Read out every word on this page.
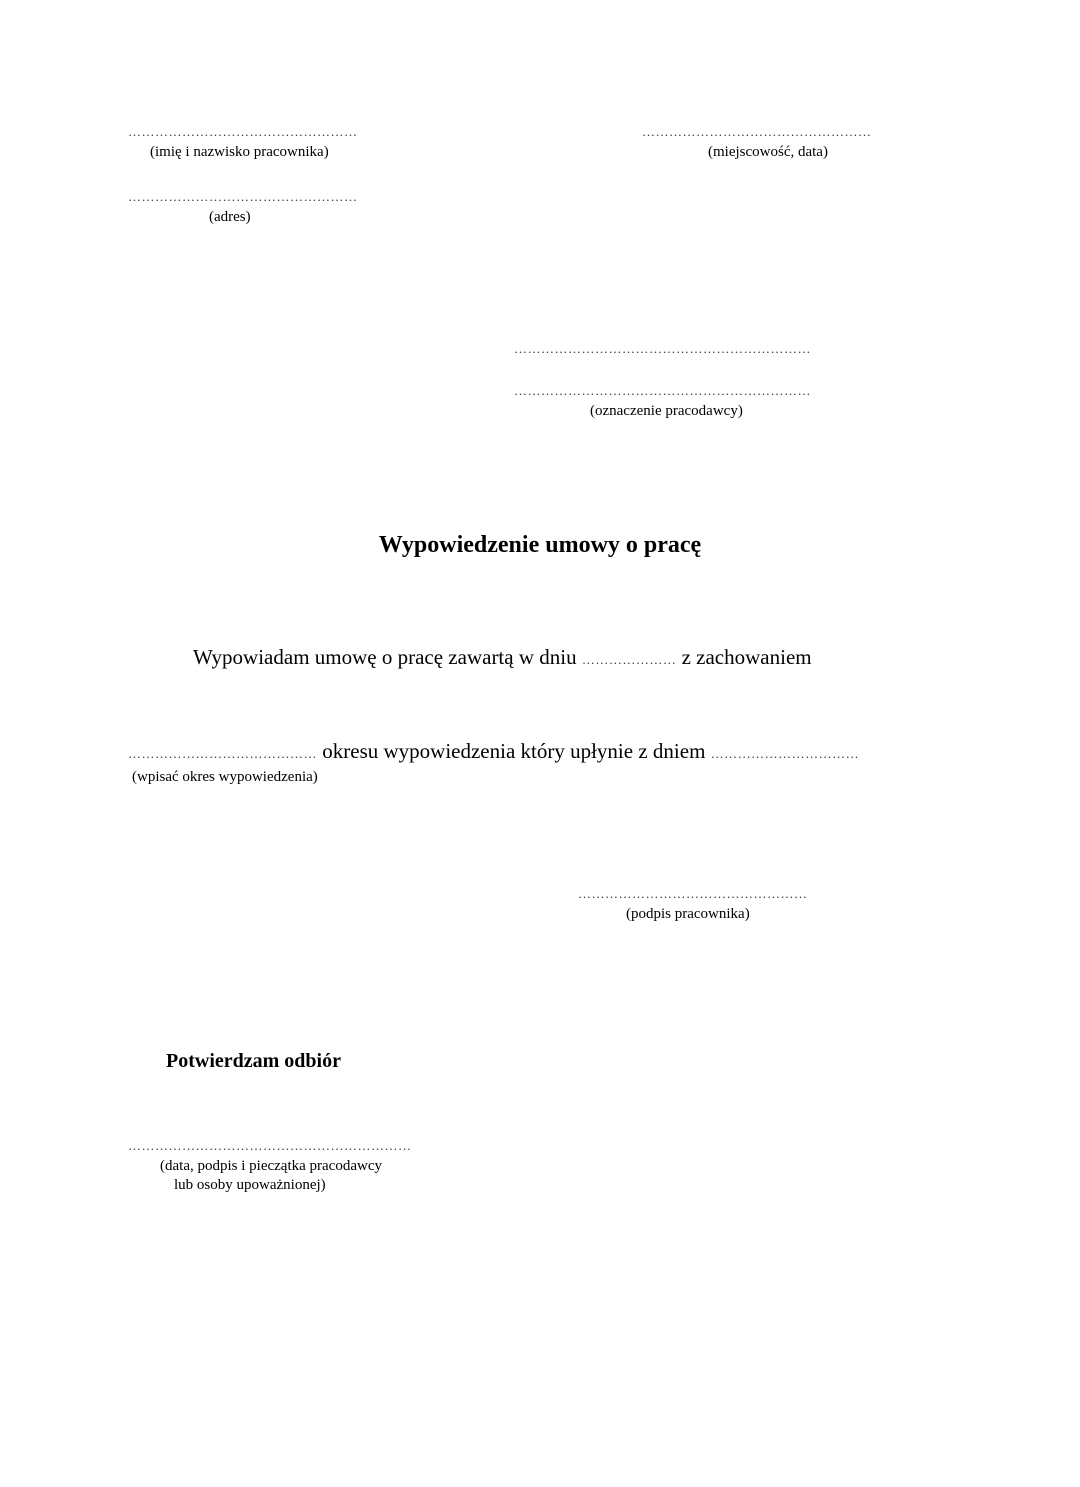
……………………………………………
(imię i nazwisko pracownika)
……………………………………………
(miejscowość, data)
……………………………………………
(adres)
…………………………………………………………
…………………………………………………………
(oznaczenie pracodawcy)
Wypowiedzenie umowy o pracę
Wypowiadam umowę o pracę zawartą w dniu ………………… z zachowaniem
…………………………………… okresu wypowiedzenia który upłynie z dniem ……………………………
(wpisać okres wypowiedzenia)
……………………………………………
(podpis pracownika)
Potwierdzam odbiór
………………………………………………………
(data, podpis i pieczątka pracodawcy
lub osoby upoważnionej)
